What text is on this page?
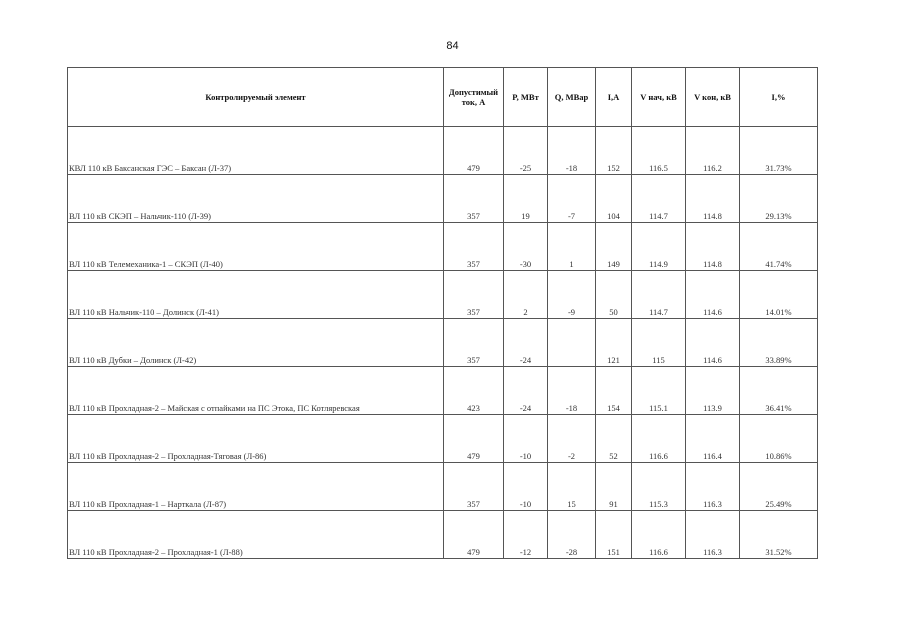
84
Контролируемый элемент	Допустимый ток, А	P, МВт	Q, МВар	I,А	V нач, кВ	V кон, кВ	I,%
КВЛ 110 кВ Баксанская ГЭС – Баксан (Л-37)	479	-25	-18	152	116.5	116.2	31.73%
ВЛ 110 кВ СКЭП – Нальчик-110 (Л-39)	357	19	-7	104	114.7	114.8	29.13%
ВЛ 110 кВ Телемеханика-1 – СКЭП (Л-40)	357	-30	1	149	114.9	114.8	41.74%
ВЛ 110 кВ Нальчик-110 – Долинск (Л-41)	357	2	-9	50	114.7	114.6	14.01%
ВЛ 110 кВ Дубки – Долинск (Л-42)	357	-24		121	115	114.6	33.89%
ВЛ 110 кВ Прохладная-2 – Майская с отпайками на ПС Этока, ПС Котляревская	423	-24	-18	154	115.1	113.9	36.41%
ВЛ 110 кВ Прохладная-2 – Прохладная-Тяговая (Л-86)	479	-10	-2	52	116.6	116.4	10.86%
ВЛ 110 кВ Прохладная-1 – Нарткала (Л-87)	357	-10	15	91	115.3	116.3	25.49%
ВЛ 110 кВ Прохладная-2 – Прохладная-1 (Л-88)	479	-12	-28	151	116.6	116.3	31.52%
